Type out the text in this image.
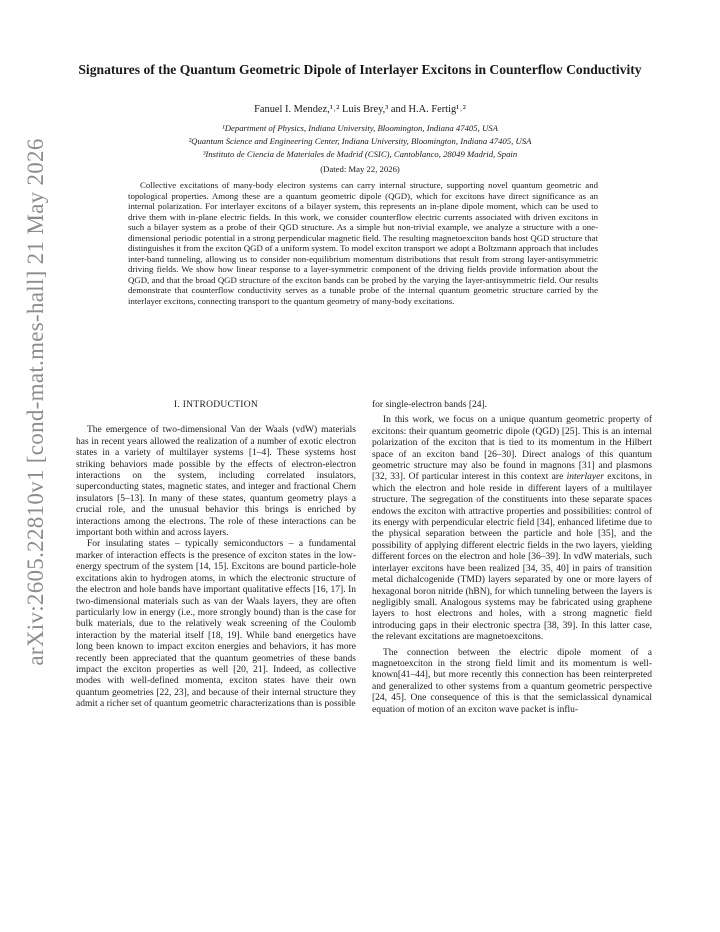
arXiv:2605.22810v1 [cond-mat.mes-hall] 21 May 2026
Signatures of the Quantum Geometric Dipole of Interlayer Excitons in Counterflow Conductivity
Fanuel I. Mendez,¹˒² Luis Brey,³ and H.A. Fertig¹˒²
¹Department of Physics, Indiana University, Bloomington, Indiana 47405, USA
²Quantum Science and Engineering Center, Indiana University, Bloomington, Indiana 47405, USA
³Instituto de Ciencia de Materiales de Madrid (CSIC), Cantoblanco, 28049 Madrid, Spain
(Dated: May 22, 2026)
Collective excitations of many-body electron systems can carry internal structure, supporting novel quantum geometric and topological properties. Among these are a quantum geometric dipole (QGD), which for excitons have direct significance as an internal polarization. For interlayer excitons of a bilayer system, this represents an in-plane dipole moment, which can be used to drive them with in-plane electric fields. In this work, we consider counterflow electric currents associated with driven excitons in such a bilayer system as a probe of their QGD structure. As a simple but non-trivial example, we analyze a structure with a one-dimensional periodic potential in a strong perpendicular magnetic field. The resulting magnetoexciton bands host QGD structure that distinguishes it from the exciton QGD of a uniform system. To model exciton transport we adopt a Boltzmann approach that includes inter-band tunneling, allowing us to consider non-equilibrium momentum distributions that result from strong layer-antisymmetric driving fields. We show how linear response to a layer-symmetric component of the driving fields provide information about the QGD, and that the broad QGD structure of the exciton bands can be probed by the varying the layer-antisymmetric field. Our results demonstrate that counterflow conductivity serves as a tunable probe of the internal quantum geometric structure carried by the interlayer excitons, connecting transport to the quantum geometry of many-body excitations.
I. INTRODUCTION

The emergence of two-dimensional Van der Waals (vdW) materials has in recent years allowed the realization of a number of exotic electron states in a variety of multilayer systems [1–4]. These systems host striking behaviors made possible by the effects of electron-electron interactions on the system, including correlated insulators, superconducting states, magnetic states, and integer and fractional Chern insulators [5–13]. In many of these states, quantum geometry plays a crucial role, and the unusual behavior this brings is enriched by interactions among the electrons. The role of these interactions can be important both within and across layers.

For insulating states – typically semiconductors – a fundamental marker of interaction effects is the presence of exciton states in the low-energy spectrum of the system [14, 15]. Excitons are bound particle-hole excitations akin to hydrogen atoms, in which the electronic structure of the electron and hole bands have important qualitative effects [16, 17]. In two-dimensional materials such as van der Waals layers, they are often particularly low in energy (i.e., more strongly bound) than is the case for bulk materials, due to the relatively weak screening of the Coulomb interaction by the material itself [18, 19]. While band energetics have long been known to impact exciton energies and behaviors, it has more recently been appreciated that the quantum geometries of these bands impact the exciton properties as well [20, 21]. Indeed, as collective modes with well-defined momenta, exciton states have their own quantum geometries [22, 23], and because of their internal structure they admit a richer set of quantum geometric characterizations than is possible

for single-electron bands [24].

In this work, we focus on a unique quantum geometric property of excitons: their quantum geometric dipole (QGD) [25]. This is an internal polarization of the exciton that is tied to its momentum in the Hilbert space of an exciton band [26–30]. Direct analogs of this quantum geometric structure may also be found in magnons [31] and plasmons [32, 33]. Of particular interest in this context are interlayer excitons, in which the electron and hole reside in different layers of a multilayer structure. The segregation of the constituents into these separate spaces endows the exciton with attractive properties and possibilities: control of its energy with perpendicular electric field [34], enhanced lifetime due to the physical separation between the particle and hole [35], and the possibility of applying different electric fields in the two layers, yielding different forces on the electron and hole [36–39]. In vdW materials, such interlayer excitons have been realized [34, 35, 40] in pairs of transition metal dichalcogenide (TMD) layers separated by one or more layers of hexagonal boron nitride (hBN), for which tunneling between the layers is negligibly small. Analogous systems may be fabricated using graphene layers to host electrons and holes, with a strong magnetic field introducing gaps in their electronic spectra [38, 39]. In this latter case, the relevant excitations are magnetoexcitons.

The connection between the electric dipole moment of a magnetoexciton in the strong field limit and its momentum is well-known[41–44], but more recently this connection has been reinterpreted and generalized to other systems from a quantum geometric perspective [24, 45]. One consequence of this is that the semiclassical dynamical equation of motion of an exciton wave packet is influ-
